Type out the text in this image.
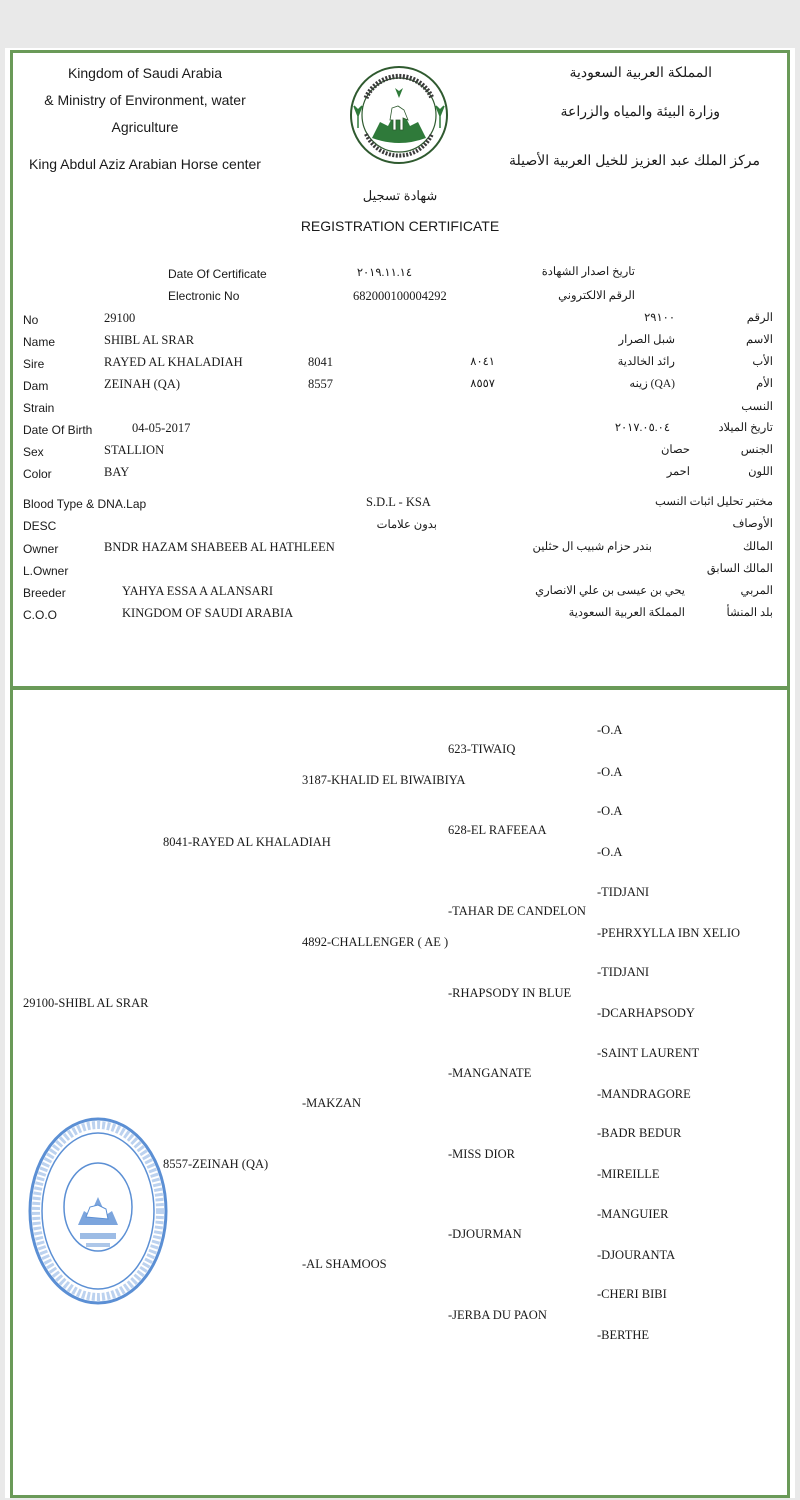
Kingdom of Saudi Arabia
& Ministry of Environment, water
Agriculture
King Abdul Aziz Arabian Horse center
المملكة العربية السعودية
وزارة البيئة والمياه والزراعة
مركز الملك عبد العزيز للخيل العربية الأصيلة
شهادة تسجيل
REGISTRATION CERTIFICATE
Date Of Certificate	٢٠١٩.١١.١٤	تاريخ اصدار الشهادة
Electronic No	682000100004292	الرقم الالكتروني
No	29100	٢٩١٠٠	الرقم
Name	SHIBL AL SRAR	شبل الصرار	الاسم
Sire	RAYED AL KHALADIAH	8041	٨٠٤١	رائد الخالدية	الأب
Dam	ZEINAH (QA)	8557	٨٥٥٧	(QA) زينه	الأم
Strain	النسب
Date Of Birth	04-05-2017	٢٠١٧.٠٥.٠٤	تاريخ الميلاد
Sex	STALLION	حصان	الجنس
Color	BAY	احمر	اللون
Blood Type & DNA.Lap	S.D.L - KSA	مختبر تحليل اثبات النسب
DESC	بدون علامات	الأوصاف
Owner	BNDR HAZAM SHABEEB AL HATHLEEN	بندر حزام شبيب ال حثلين	المالك
L.Owner	المالك السابق
Breeder	YAHYA ESSA A ALANSARI	يحي بن عيسى بن علي الانصاري	المربي
C.O.O	KINGDOM OF SAUDI ARABIA	المملكة العربية السعودية	بلد المنشأ
29100-SHIBL AL SRAR
8041-RAYED AL KHALADIAH
8557-ZEINAH (QA)
3187-KHALID EL BIWAIBIYA
4892-CHALLENGER ( AE )
-MAKZAN
-AL SHAMOOS
623-TIWAIQ
628-EL RAFEEAA
-TAHAR DE CANDELON
-RHAPSODY IN BLUE
-MANGANATE
-MISS DIOR
-DJOURMAN
-JERBA DU PAON
-O.A
-O.A
-O.A
-O.A
-TIDJANI
-PEHRXYLLA IBN XELIO
-TIDJANI
-DCARHAPSODY
-SAINT LAURENT
-MANDRAGORE
-BADR BEDUR
-MIREILLE
-MANGUIER
-DJOURANTA
-CHERI BIBI
-BERTHE
